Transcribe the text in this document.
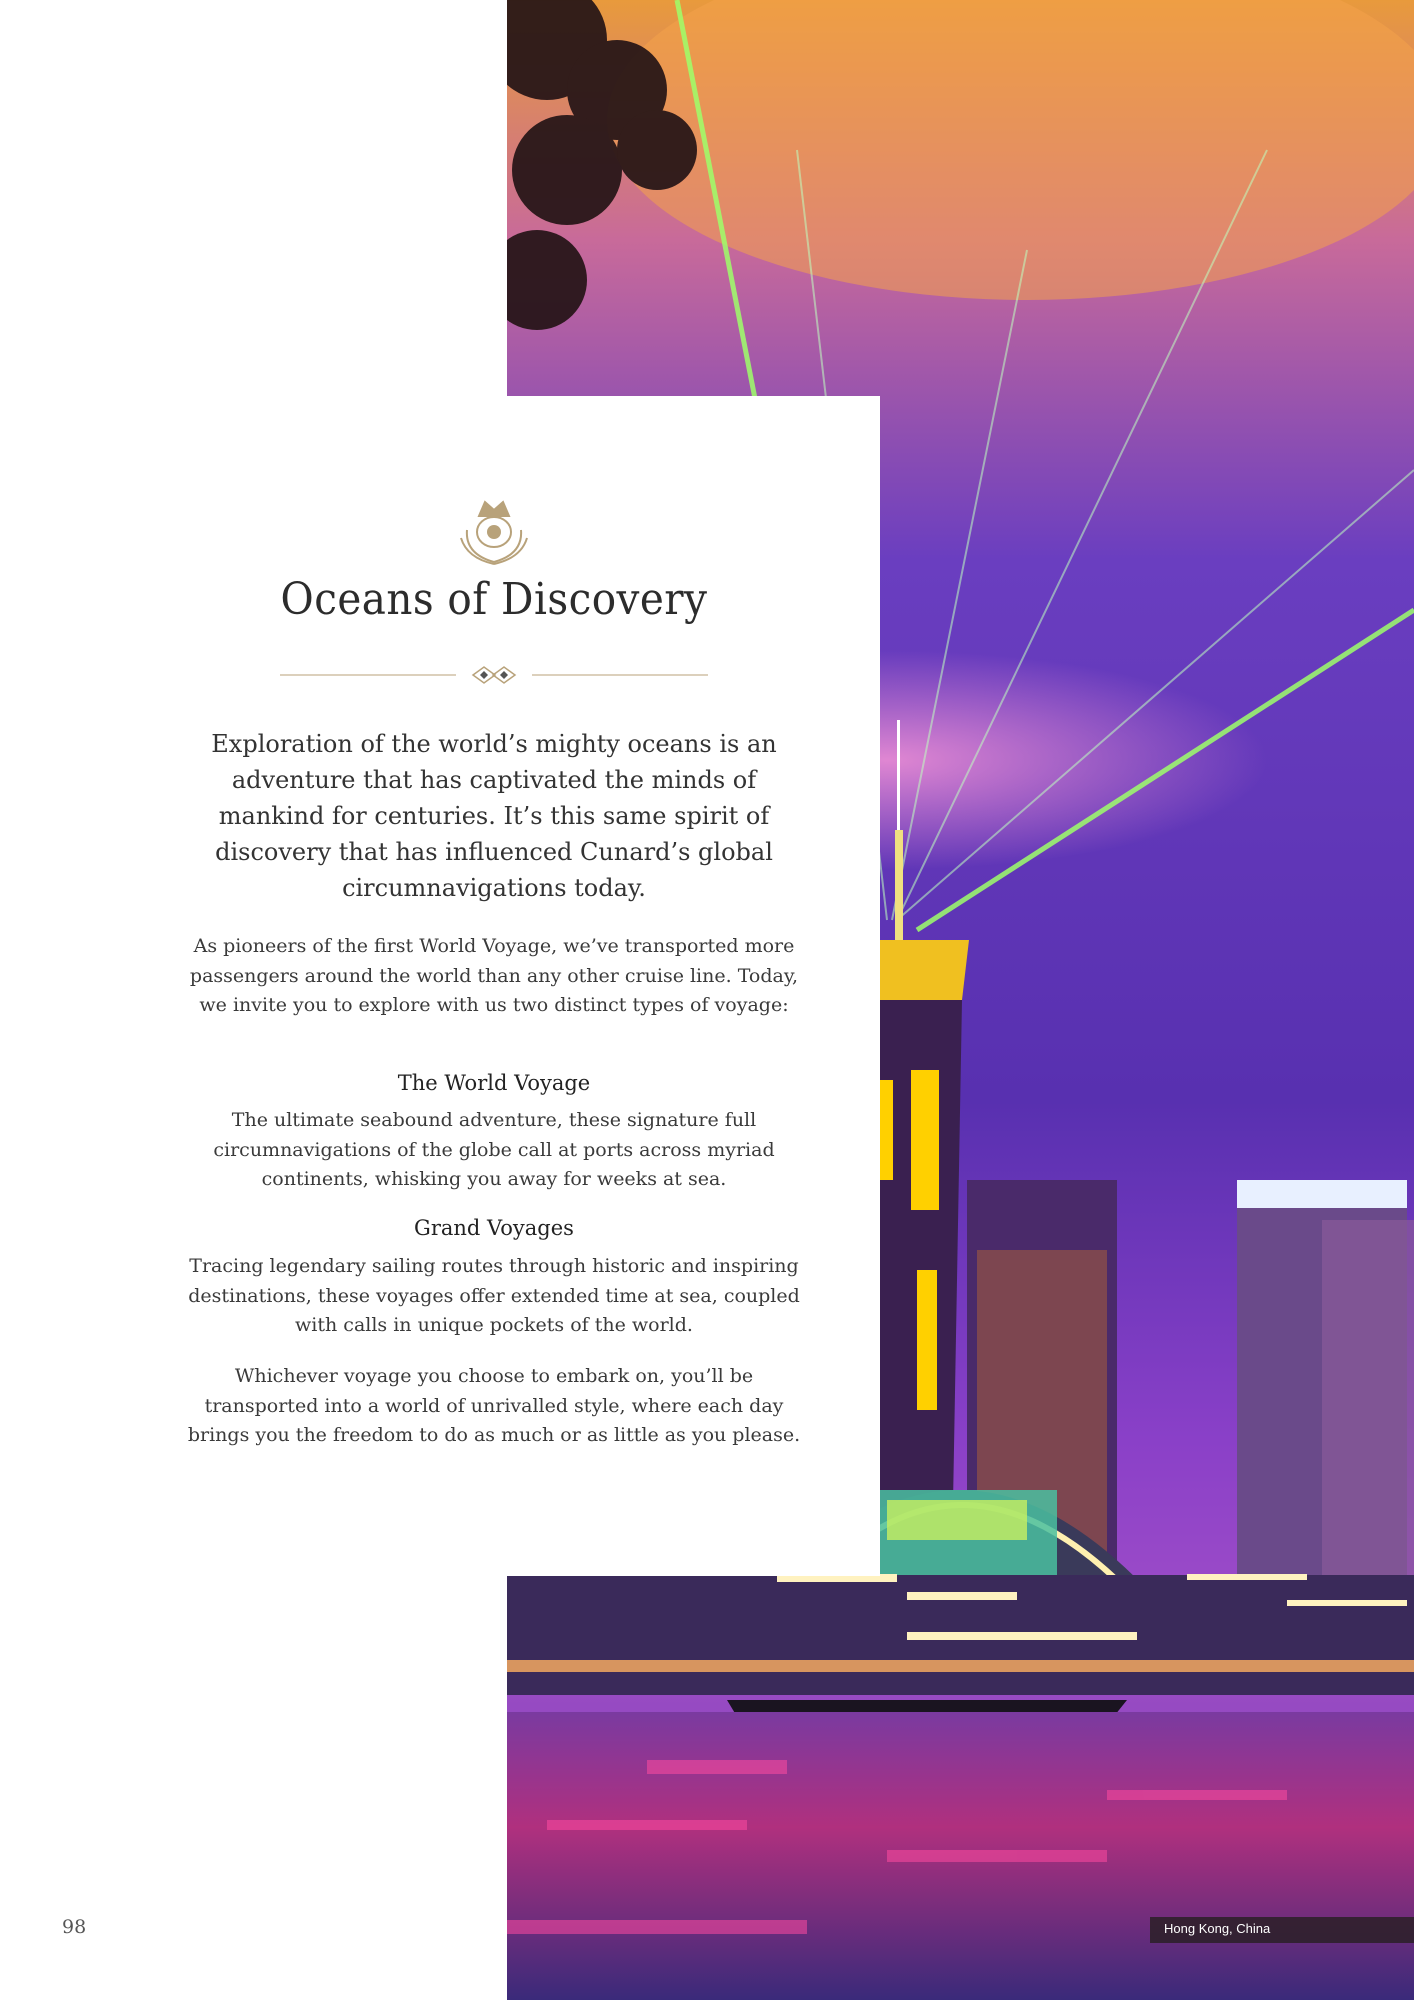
Oceans of Discovery
Exploration of the world’s mighty oceans is an adventure that has captivated the minds of mankind for centuries. It’s this same spirit of discovery that has influenced Cunard’s global circumnavigations today.
As pioneers of the first World Voyage, we’ve transported more passengers around the world than any other cruise line. Today, we invite you to explore with us two distinct types of voyage:
The World Voyage
The ultimate seabound adventure, these signature full circumnavigations of the globe call at ports across myriad continents, whisking you away for weeks at sea.
Grand Voyages
Tracing legendary sailing routes through historic and inspiring destinations, these voyages offer extended time at sea, coupled with calls in unique pockets of the world.
Whichever voyage you choose to embark on, you’ll be transported into a world of unrivalled style, where each day brings you the freedom to do as much or as little as you please.
98	Hong Kong, China
